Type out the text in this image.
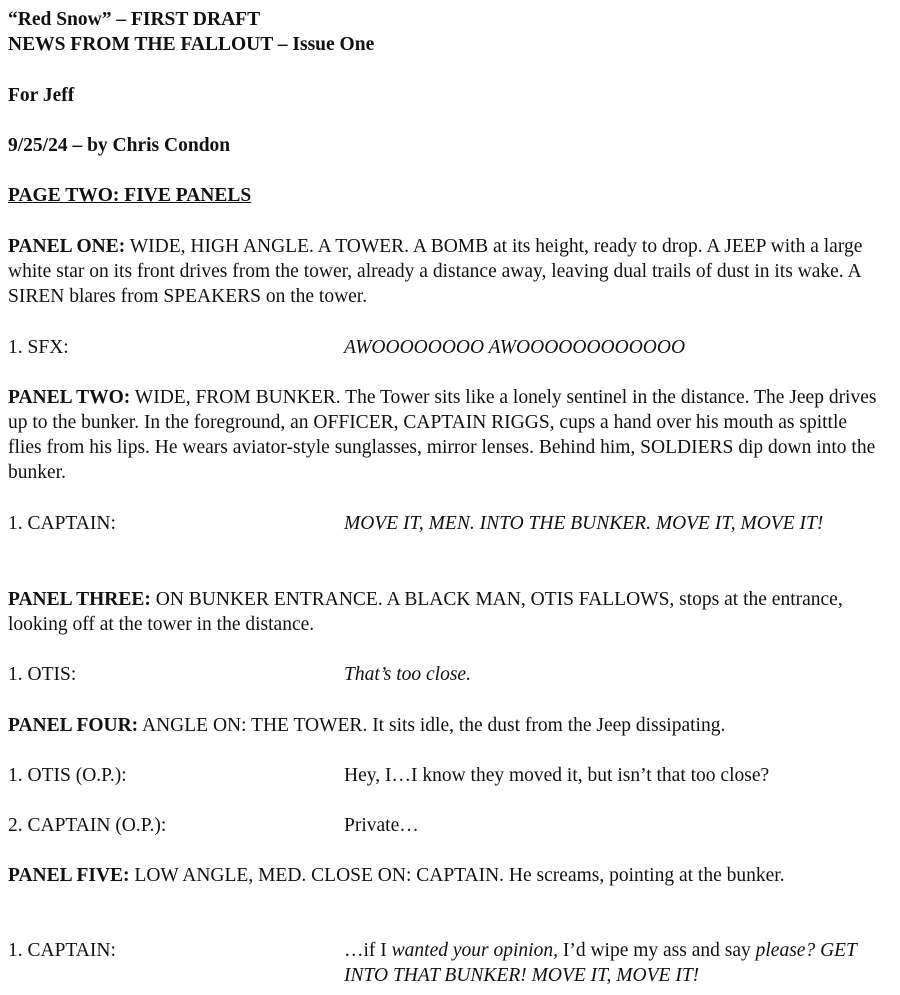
“Red Snow” – FIRST DRAFT
NEWS FROM THE FALLOUT – Issue One
For Jeff
9/25/24 – by Chris Condon
PAGE TWO: FIVE PANELS
PANEL ONE: WIDE, HIGH ANGLE. A TOWER. A BOMB at its height, ready to drop. A JEEP with a large white star on its front drives from the tower, already a distance away, leaving dual trails of dust in its wake. A SIREN blares from SPEAKERS on the tower.
1. SFX:	AWOOOOOOOO AWOOOOOOOOOOOO
PANEL TWO: WIDE, FROM BUNKER. The Tower sits like a lonely sentinel in the distance. The Jeep drives up to the bunker. In the foreground, an OFFICER, CAPTAIN RIGGS, cups a hand over his mouth as spittle flies from his lips. He wears aviator-style sunglasses, mirror lenses. Behind him, SOLDIERS dip down into the bunker.
1. CAPTAIN:	MOVE IT, MEN. INTO THE BUNKER. MOVE IT, MOVE IT!
PANEL THREE: ON BUNKER ENTRANCE. A BLACK MAN, OTIS FALLOWS, stops at the entrance, looking off at the tower in the distance.
1. OTIS:	That’s too close.
PANEL FOUR: ANGLE ON: THE TOWER. It sits idle, the dust from the Jeep dissipating.
1. OTIS (O.P.):	Hey, I…I know they moved it, but isn’t that too close?
2. CAPTAIN (O.P.):	Private…
PANEL FIVE: LOW ANGLE, MED. CLOSE ON: CAPTAIN. He screams, pointing at the bunker.
1. CAPTAIN:	…if I wanted your opinion, I’d wipe my ass and say please? GET INTO THAT BUNKER! MOVE IT, MOVE IT!
